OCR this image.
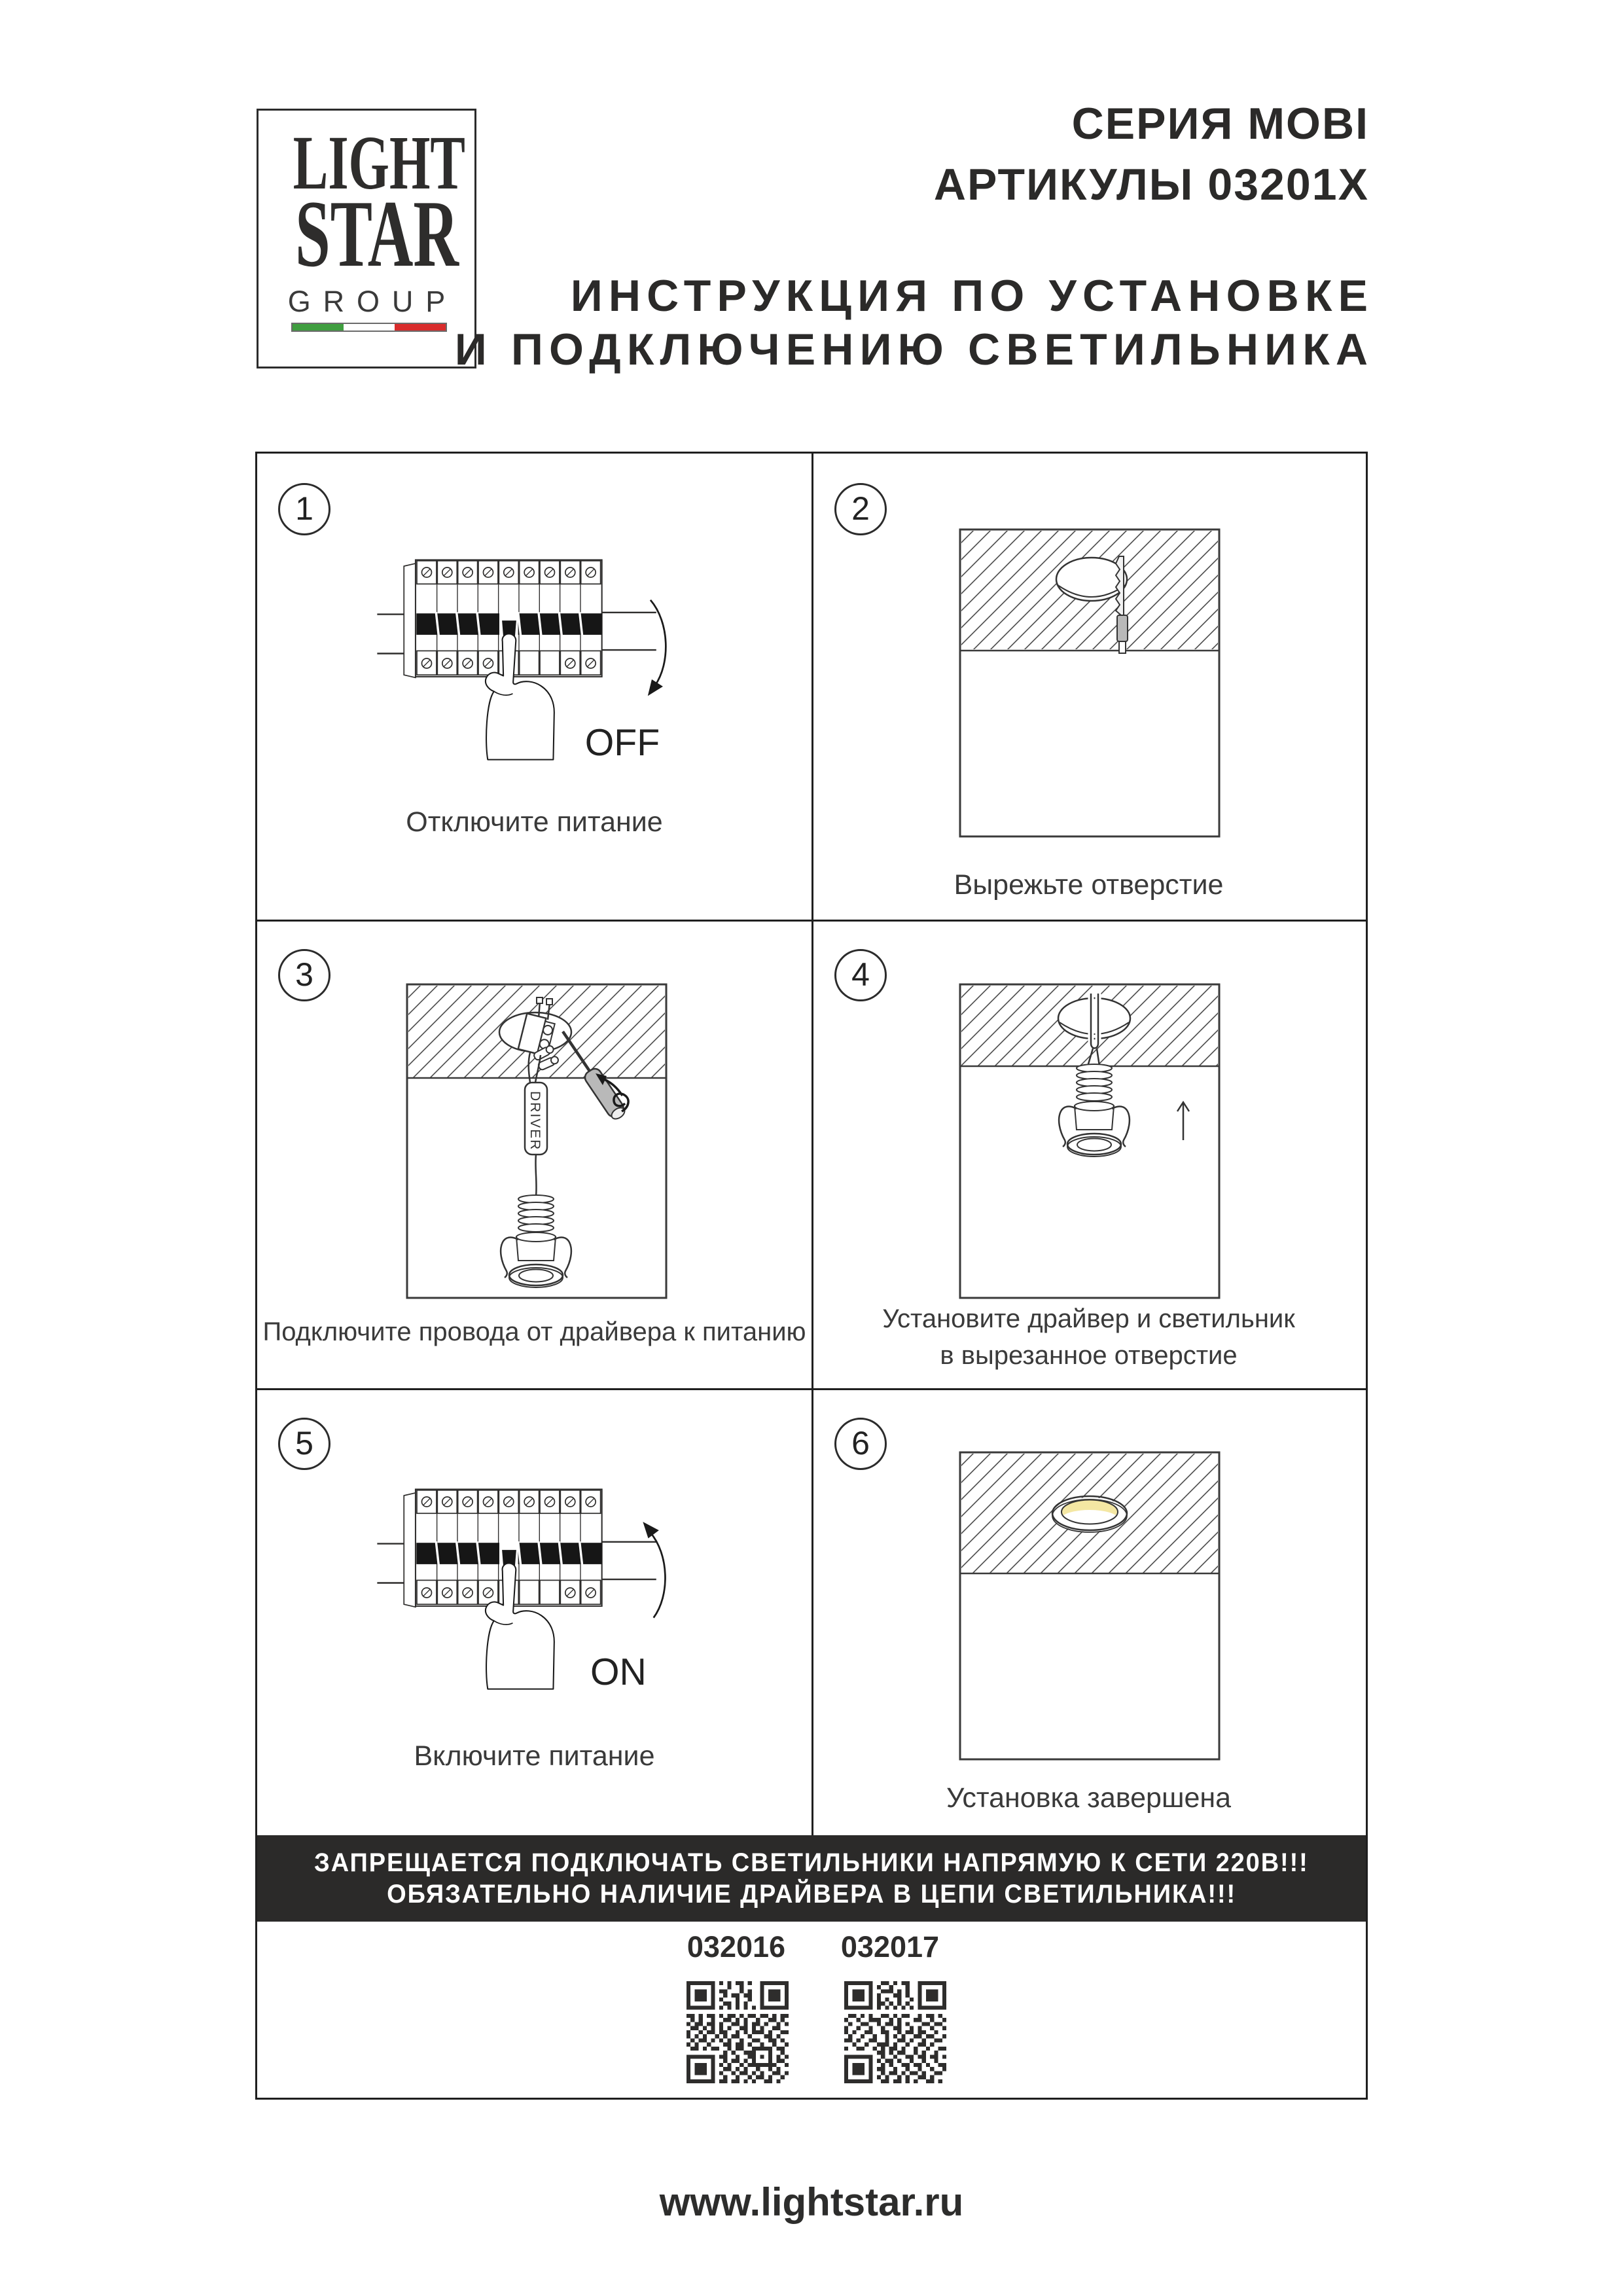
LIGHT
STAR
GROUP
СЕРИЯ MOBI
АРТИКУЛЫ 03201X
ИНСТРУКЦИЯ ПО УСТАНОВКЕ
И ПОДКЛЮЧЕНИЮ СВЕТИЛЬНИКА
1
OFF
Отключите питание
2
Вырежьте отверстие
3
DRIVER
Подключите провода от драйвера к питанию
4
Установите драйвер и светильник
в вырезанное отверстие
5
ON
Включите питание
6
Установка завершена
ЗАПРЕЩАЕТСЯ ПОДКЛЮЧАТЬ СВЕТИЛЬНИКИ НАПРЯМУЮ К СЕТИ 220В!!!
ОБЯЗАТЕЛЬНО НАЛИЧИЕ ДРАЙВЕРА В ЦЕПИ СВЕТИЛЬНИКА!!!
032016	032017
www.lightstar.ru
